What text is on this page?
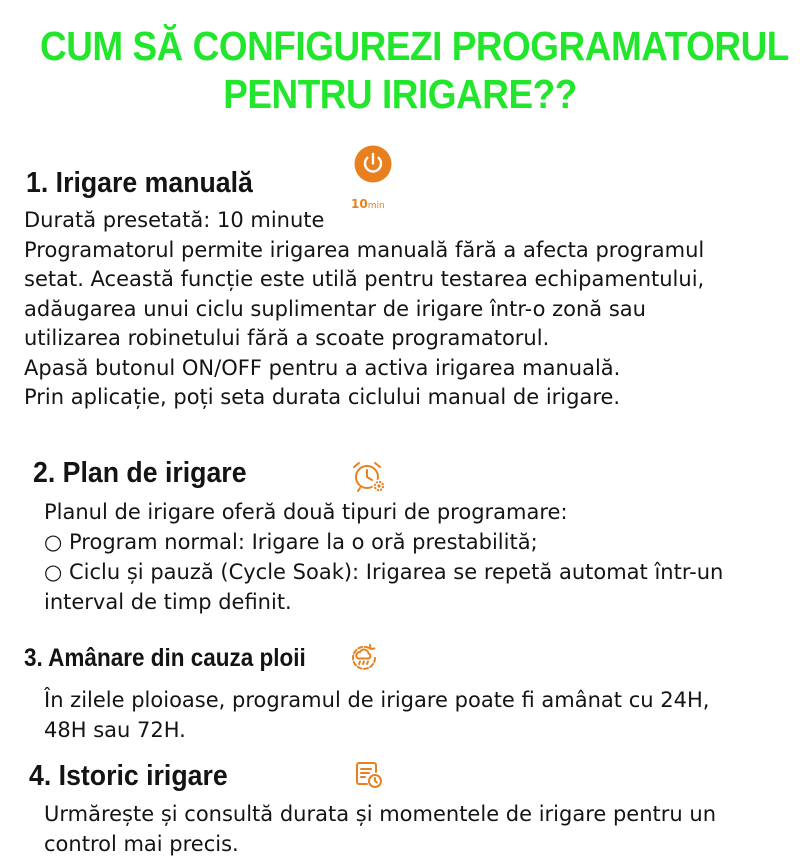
CUM SĂ CONFIGUREZI PROGRAMATORUL
PENTRU IRIGARE??
1. Irigare manuală
10min

Durată presetată: 10 minute

Programatorul permite irigarea manuală fără a afecta programul

setat. Această funcție este utilă pentru testarea echipamentului,

adăugarea unui ciclu suplimentar de irigare într-o zonă sau

utilizarea robinetului fără a scoate programatorul.

Apasă butonul ON/OFF pentru a activa irigarea manuală.

Prin aplicație, poți seta durata ciclului manual de irigare.

2. Plan de irigare

Planul de irigare oferă două tipuri de programare:

○ Program normal: Irigare la o oră prestabilită;

○ Ciclu și pauză (Cycle Soak): Irigarea se repetă automat într-un

interval de timp definit.

3. Amânare din cauza ploii

În zilele ploioase, programul de irigare poate fi amânat cu 24H,

48H sau 72H.

4. Istoric irigare

Urmărește și consultă durata și momentele de irigare pentru un

control mai precis.
